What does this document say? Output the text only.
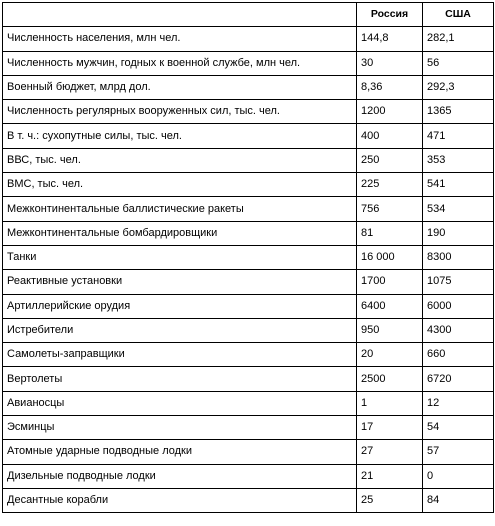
	Россия	США
Численность населения, млн чел.	144,8	282,1
Численность мужчин, годных к военной службе, млн чел.	30	56
Военный бюджет, млрд дол.	8,36	292,3
Численность регулярных вооруженных сил, тыс. чел.	1200	1365
В т. ч.: сухопутные силы, тыс. чел.	400	471
ВВС, тыс. чел.	250	353
ВМС, тыс. чел.	225	541
Межконтинентальные баллистические ракеты	756	534
Межконтинентальные бомбардировщики	81	190
Танки	16 000	8300
Реактивные установки	1700	1075
Артиллерийские орудия	6400	6000
Истребители	950	4300
Самолеты-заправщики	20	660
Вертолеты	2500	6720
Авианосцы	1	12
Эсминцы	17	54
Атомные ударные подводные лодки	27	57
Дизельные подводные лодки	21	0
Десантные корабли	25	84
